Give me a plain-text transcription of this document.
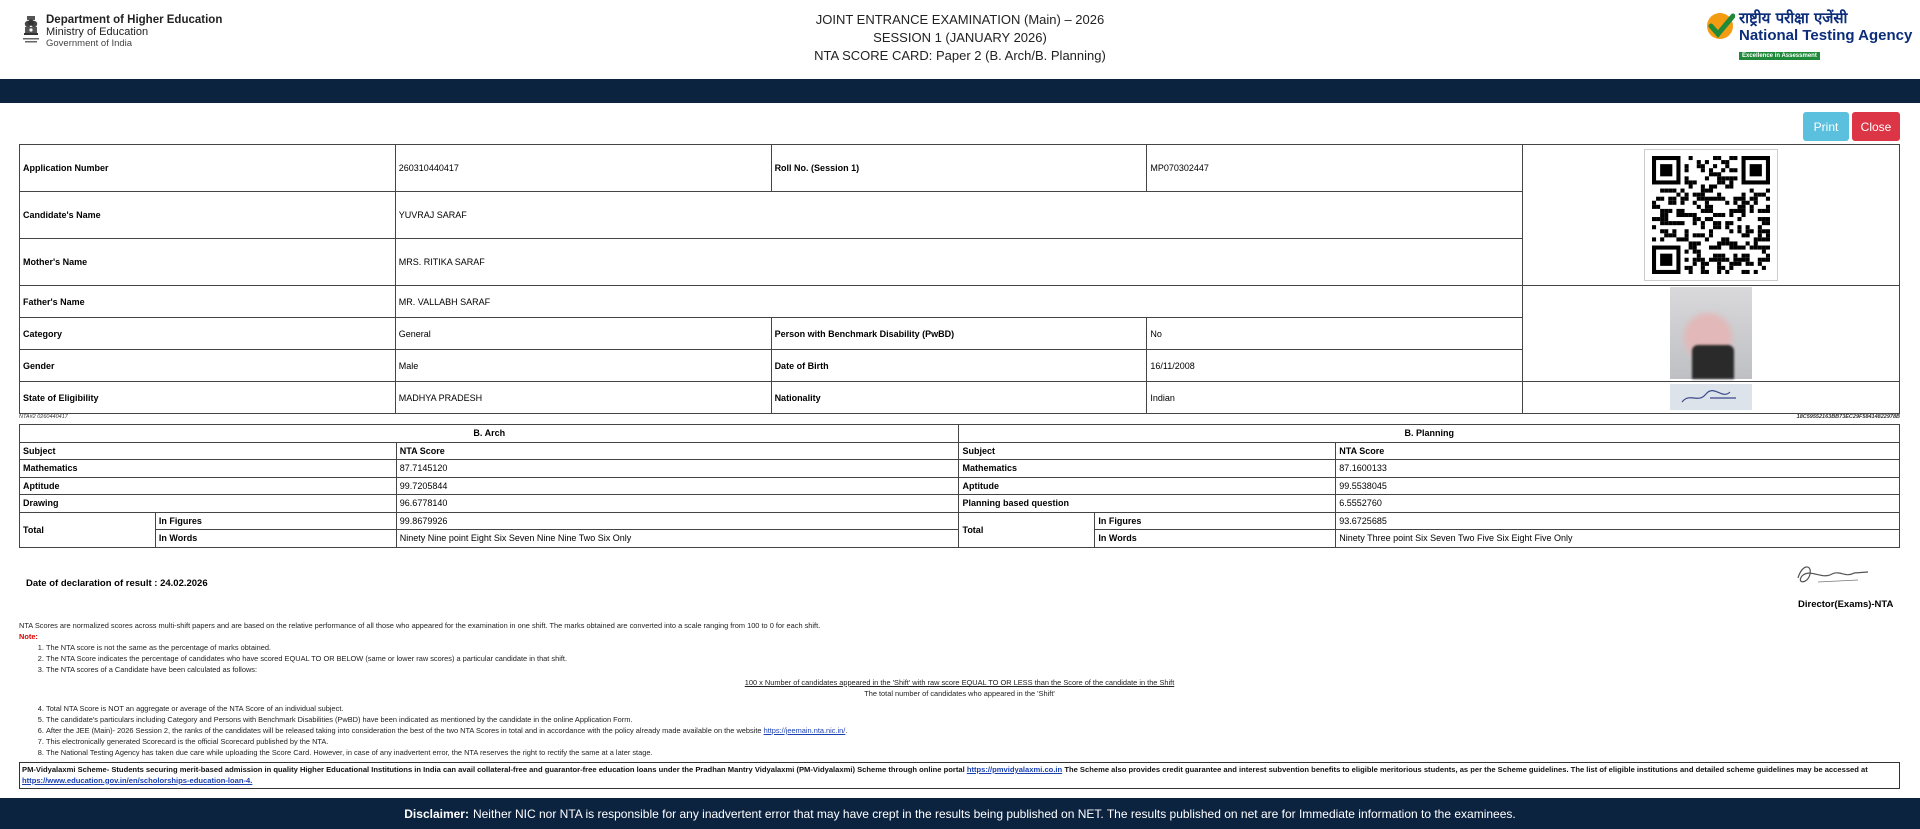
Department of Higher Education
Ministry of Education
Government of India
JOINT ENTRANCE EXAMINATION (Main) – 2026
SESSION 1 (JANUARY 2026)
NTA SCORE CARD: Paper 2 (B. Arch/B. Planning)
राष्ट्रीय परीक्षा एजेंसी
National Testing Agency
Excellence in Assessment
Print	Close
Application Number	260310440417	Roll No. (Session 1)	MP070302447	
Candidate's Name	YUVRAJ SARAF			
Mother's Name	MRS. RITIKA SARAF			
Father's Name	MR. VALLABH SARAF			

Category	General	Person with Benchmark Disability (PwBD)	No	
Gender	Male	Date of Birth	16/11/2008	
State of Eligibility	MADHYA PRADESH	Nationality	Indian	
NTA#2 0260440417	18C59552163BB73EC29F58414822978B
B. Arch			B. Planning		
Subject		NTA Score	Subject		NTA Score
Mathematics		87.7145120	Mathematics		87.1600133
Aptitude		99.7205844	Aptitude		99.5538045
Drawing		96.6778140	Planning based question		6.5552760
Total	In Figures	99.8679926	Total	In Figures	93.6725685
	In Words	Ninety Nine point Eight Six Seven Nine Nine Two Six Only		In Words	Ninety Three point Six Seven Two Five Six Eight Five Only
Date of declaration of result : 24.02.2026
Director(Exams)-NTA
NTA Scores are normalized scores across multi-shift papers and are based on the relative performance of all those who appeared for the examination in one shift. The marks obtained are converted into a scale ranging from 100 to 0 for each shift.
Note:
1. The NTA score is not the same as the percentage of marks obtained.
2. The NTA Score indicates the percentage of candidates who have scored EQUAL TO OR BELOW (same or lower raw scores) a particular candidate in that shift.
3. The NTA scores of a Candidate have been calculated as follows:
100 x Number of candidates appeared in the 'Shift' with raw score EQUAL TO OR LESS than the Score of the candidate in the Shift
The total number of candidates who appeared in the 'Shift'
4. Total NTA Score is NOT an aggregate or average of the NTA Score of an individual subject.
5. The candidate's particulars including Category and Persons with Benchmark Disabilities (PwBD) have been indicated as mentioned by the candidate in the online Application Form.
6. After the JEE (Main)- 2026 Session 2, the ranks of the candidates will be released taking into consideration the best of the two NTA Scores in total and in accordance with the policy already made available on the website https://jeemain.nta.nic.in/.
7. This electronically generated Scorecard is the official Scorecard published by the NTA.
8. The National Testing Agency has taken due care while uploading the Score Card. However, in case of any inadvertent error, the NTA reserves the right to rectify the same at a later stage.
PM-Vidyalaxmi Scheme- Students securing merit-based admission in quality Higher Educational Institutions in India can avail collateral-free and guarantor-free education loans under the Pradhan Mantry Vidyalaxmi (PM-Vidyalaxmi) Scheme through online portal https://pmvidyalaxmi.co.in The Scheme also provides credit guarantee and interest subvention benefits to eligible meritorious students, as per the Scheme guidelines. The list of eligible institutions and detailed scheme guidelines may be accessed at https://www.education.gov.in/en/scholorships-education-loan-4.
Disclaimer: Neither NIC nor NTA is responsible for any inadvertent error that may have crept in the results being published on NET. The results published on net are for Immediate information to the examinees.
